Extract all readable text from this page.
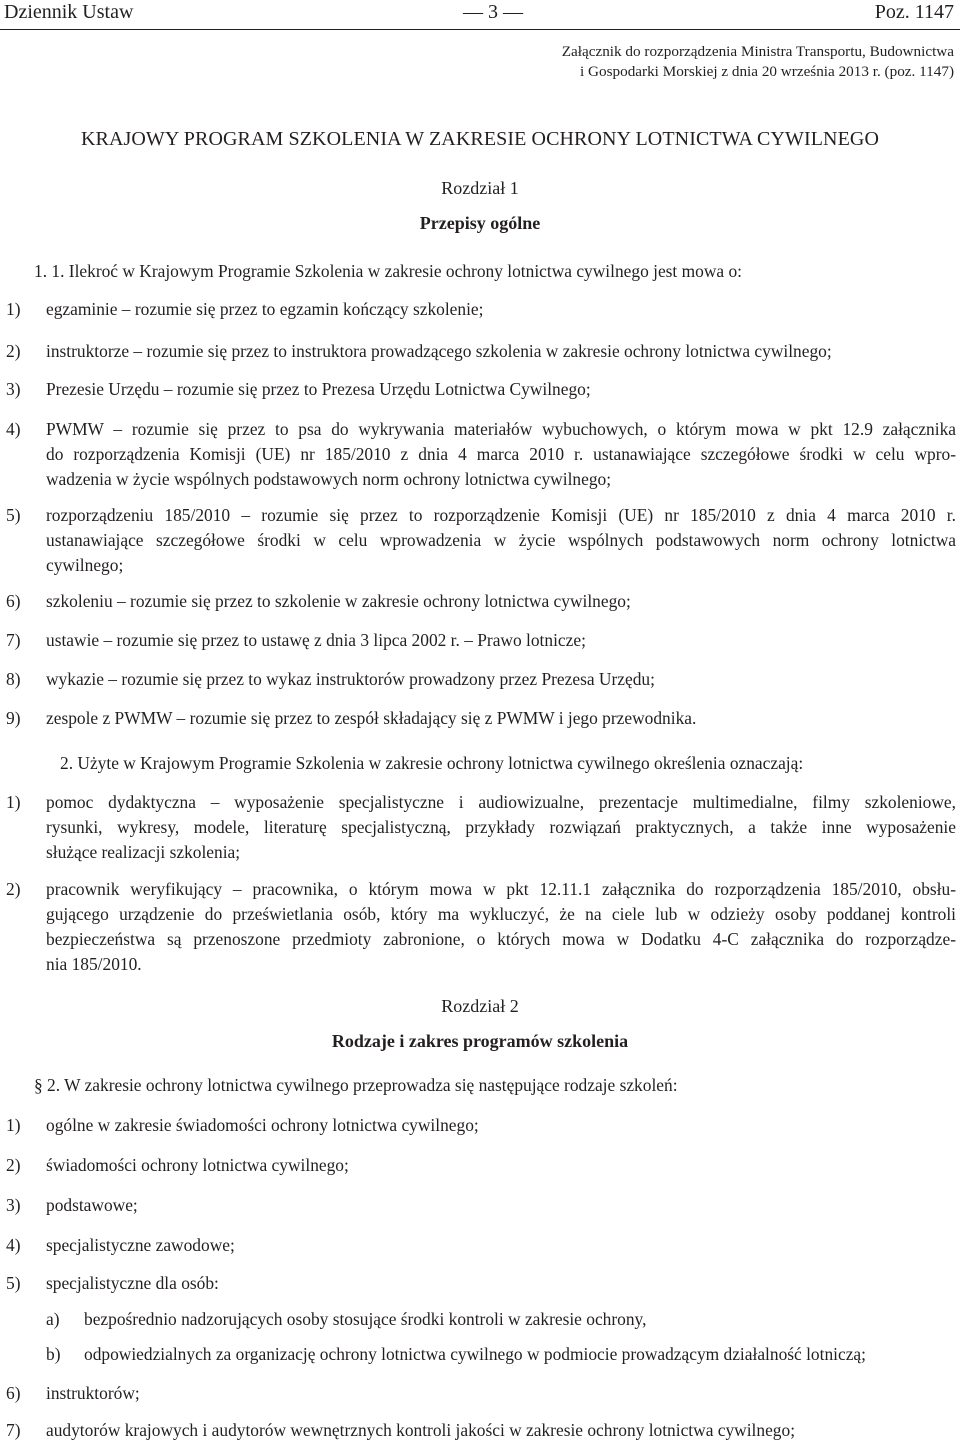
Dziennik Ustaw	— 3 —	Poz. 1147
Załącznik do rozporządzenia Ministra Transportu, Budownictwa
i Gospodarki Morskiej z dnia 20 września 2013 r. (poz. 1147)
KRAJOWY PROGRAM SZKOLENIA W ZAKRESIE OCHRONY LOTNICTWA CYWILNEGO
Rozdział 1
Przepisy ogólne
1. 1. Ilekroć w Krajowym Programie Szkolenia w zakresie ochrony lotnictwa cywilnego jest mowa o:
1) egzaminie – rozumie się przez to egzamin kończący szkolenie;
2) instruktorze – rozumie się przez to instruktora prowadzącego szkolenia w zakresie ochrony lotnictwa cywilnego;
3) Prezesie Urzędu – rozumie się przez to Prezesa Urzędu Lotnictwa Cywilnego;
4) PWMW – rozumie się przez to psa do wykrywania materiałów wybuchowych, o którym mowa w pkt 12.9 załącznika
do rozporządzenia Komisji (UE) nr 185/2010 z dnia 4 marca 2010 r. ustanawiające szczegółowe środki w celu wpro-
wadzenia w życie wspólnych podstawowych norm ochrony lotnictwa cywilnego;
5) rozporządzeniu 185/2010 – rozumie się przez to rozporządzenie Komisji (UE) nr 185/2010 z dnia 4 marca 2010 r.
ustanawiające szczegółowe środki w celu wprowadzenia w życie wspólnych podstawowych norm ochrony lotnictwa
cywilnego;
6) szkoleniu – rozumie się przez to szkolenie w zakresie ochrony lotnictwa cywilnego;
7) ustawie – rozumie się przez to ustawę z dnia 3 lipca 2002 r. – Prawo lotnicze;
8) wykazie – rozumie się przez to wykaz instruktorów prowadzony przez Prezesa Urzędu;
9) zespole z PWMW – rozumie się przez to zespół składający się z PWMW i jego przewodnika.
2. Użyte w Krajowym Programie Szkolenia w zakresie ochrony lotnictwa cywilnego określenia oznaczają:
1) pomoc dydaktyczna – wyposażenie specjalistyczne i audiowizualne, prezentacje multimedialne, filmy szkoleniowe,
rysunki, wykresy, modele, literaturę specjalistyczną, przykłady rozwiązań praktycznych, a także inne wyposażenie
służące realizacji szkolenia;
2) pracownik weryfikujący – pracownika, o którym mowa w pkt 12.11.1 załącznika do rozporządzenia 185/2010, obsłu-
gującego urządzenie do prześwietlania osób, który ma wykluczyć, że na ciele lub w odzieży osoby poddanej kontroli
bezpieczeństwa są przenoszone przedmioty zabronione, o których mowa w Dodatku 4-C załącznika do rozporządze-
nia 185/2010.
Rozdział 2
Rodzaje i zakres programów szkolenia
§ 2. W zakresie ochrony lotnictwa cywilnego przeprowadza się następujące rodzaje szkoleń:
1) ogólne w zakresie świadomości ochrony lotnictwa cywilnego;
2) świadomości ochrony lotnictwa cywilnego;
3) podstawowe;
4) specjalistyczne zawodowe;
5) specjalistyczne dla osób:
a) bezpośrednio nadzorujących osoby stosujące środki kontroli w zakresie ochrony,
b) odpowiedzialnych za organizację ochrony lotnictwa cywilnego w podmiocie prowadzącym działalność lotniczą;
6) instruktorów;
7) audytorów krajowych i audytorów wewnętrznych kontroli jakości w zakresie ochrony lotnictwa cywilnego;
